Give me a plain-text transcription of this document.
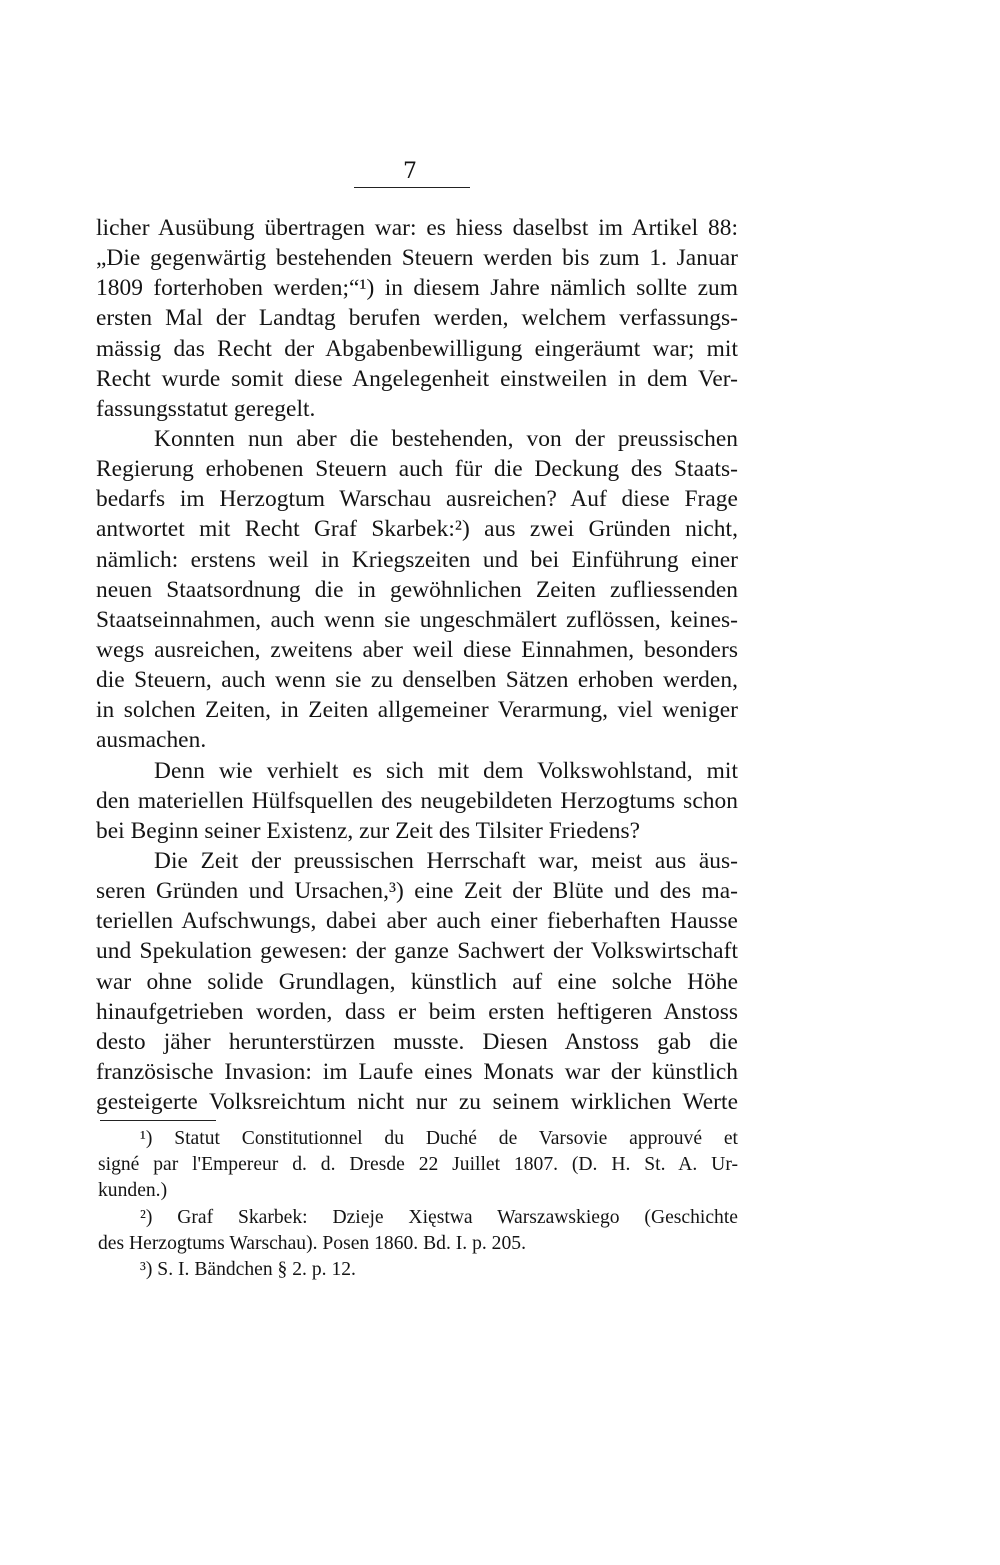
7
licher Ausübung übertragen war: es hiess daselbst im Artikel 88:
„Die gegenwärtig bestehenden Steuern werden bis zum 1. Januar
1809 forterhoben werden;“¹) in diesem Jahre nämlich sollte zum
ersten Mal der Landtag berufen werden, welchem verfassungs-
mässig das Recht der Abgabenbewilligung eingeräumt war; mit
Recht wurde somit diese Angelegenheit einstweilen in dem Ver-
fassungsstatut geregelt.
Konnten nun aber die bestehenden, von der preussischen
Regierung erhobenen Steuern auch für die Deckung des Staats-
bedarfs im Herzogtum Warschau ausreichen? Auf diese Frage
antwortet mit Recht Graf Skarbek:²) aus zwei Gründen nicht,
nämlich: erstens weil in Kriegszeiten und bei Einführung einer
neuen Staatsordnung die in gewöhnlichen Zeiten zufliessenden
Staatseinnahmen, auch wenn sie ungeschmälert zuflössen, keines-
wegs ausreichen, zweitens aber weil diese Einnahmen, besonders
die Steuern, auch wenn sie zu denselben Sätzen erhoben werden,
in solchen Zeiten, in Zeiten allgemeiner Verarmung, viel weniger
ausmachen.
Denn wie verhielt es sich mit dem Volkswohlstand, mit
den materiellen Hülfsquellen des neugebildeten Herzogtums schon
bei Beginn seiner Existenz, zur Zeit des Tilsiter Friedens?
Die Zeit der preussischen Herrschaft war, meist aus äus-
seren Gründen und Ursachen,³) eine Zeit der Blüte und des ma-
teriellen Aufschwungs, dabei aber auch einer fieberhaften Hausse
und Spekulation gewesen: der ganze Sachwert der Volkswirtschaft
war ohne solide Grundlagen, künstlich auf eine solche Höhe
hinaufgetrieben worden, dass er beim ersten heftigeren Anstoss
desto jäher herunterstürzen musste. Diesen Anstoss gab die
französische Invasion: im Laufe eines Monats war der künstlich
gesteigerte Volksreichtum nicht nur zu seinem wirklichen Werte
¹) Statut Constitutionnel du Duché de Varsovie approuvé et
signé par l'Empereur d. d. Dresde 22 Juillet 1807. (D. H. St. A. Ur-
kunden.)
²) Graf Skarbek: Dzieje Xięstwa Warszawskiego (Geschichte
des Herzogtums Warschau). Posen 1860. Bd. I. p. 205.
³) S. I. Bändchen § 2. p. 12.
